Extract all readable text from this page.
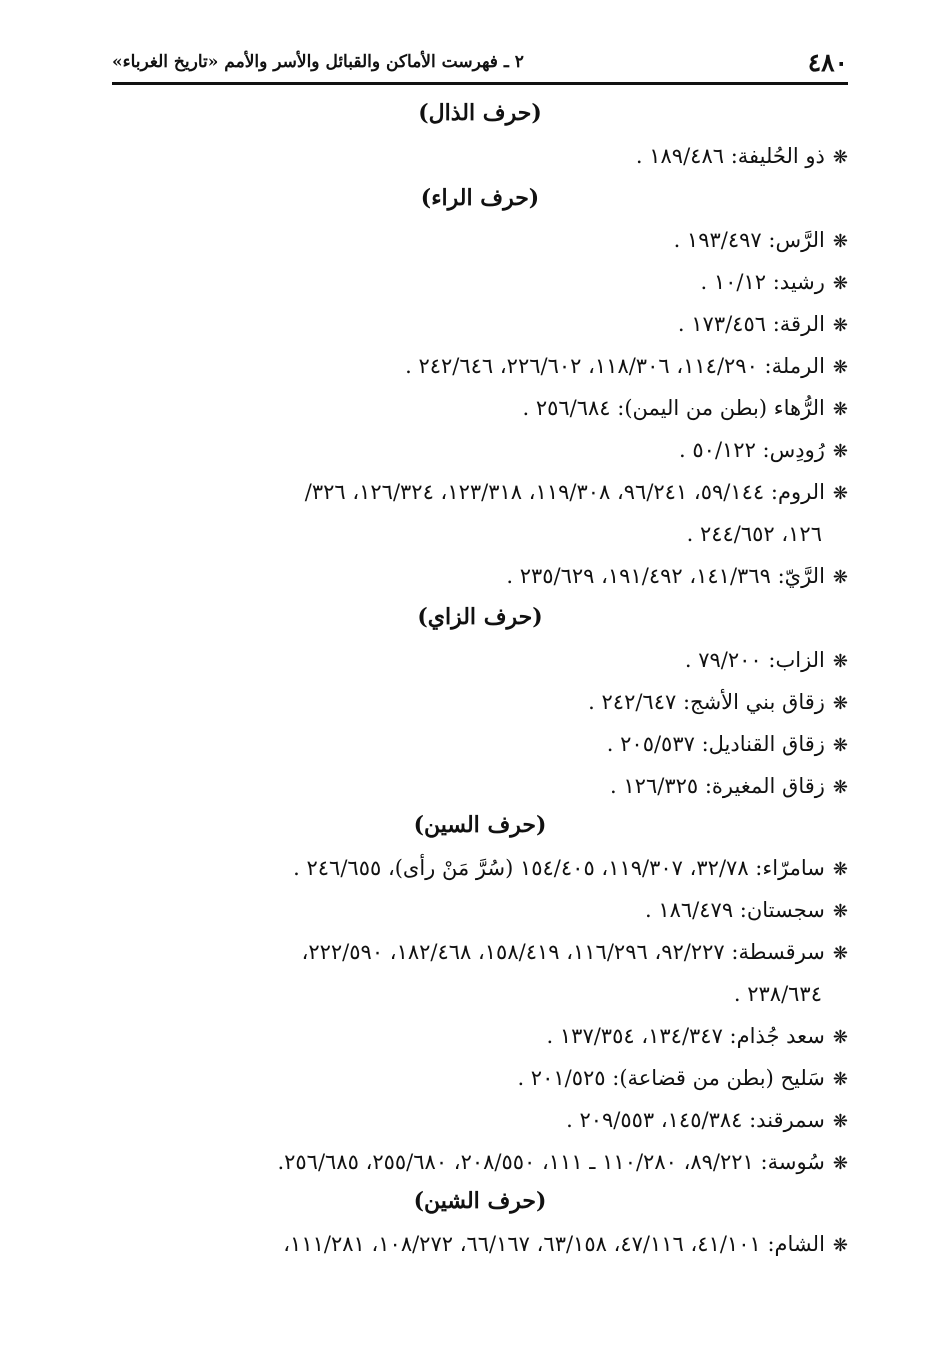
٤٨٠
٢ ـ فهرست الأماكن والقبائل والأسر والأمم «تاريخ الغرباء»
(حرف الذال)
❋ذو الحُليفة: ١٨٩/٤٨٦ .
(حرف الراء)
❋الرَّس: ١٩٣/٤٩٧ .
❋رشيد: ١٠/١٢ .
❋الرقة: ١٧٣/٤٥٦ .
❋الرملة: ١١٤/٢٩٠، ١١٨/٣٠٦، ٢٢٦/٦٠٢، ٢٤٢/٦٤٦ .
❋الرُّهاء (بطن من اليمن): ٢٥٦/٦٨٤ .
❋رُودِس: ٥٠/١٢٢ .
❋الروم: ٥٩/١٤٤، ٩٦/٢٤١، ١١٩/٣٠٨، ١٢٣/٣١٨، ١٢٦/٣٢٤، ٣٢٦/
١٢٦، ٢٤٤/٦٥٢ .
❋الرَّيّ: ١٤١/٣٦٩، ١٩١/٤٩٢، ٢٣٥/٦٢٩ .
(حرف الزاي)
❋الزاب: ٧٩/٢٠٠ .
❋زقاق بني الأشج: ٢٤٢/٦٤٧ .
❋زقاق القناديل: ٢٠٥/٥٣٧ .
❋زقاق المغيرة: ١٢٦/٣٢٥ .
(حرف السين)
❋سامرّاء: ٣٢/٧٨، ١١٩/٣٠٧، ١٥٤/٤٠٥ (سُرَّ مَنْ رأى)، ٢٤٦/٦٥٥ .
❋سجستان: ١٨٦/٤٧٩ .
❋سرقسطة: ٩٢/٢٢٧، ١١٦/٢٩٦، ١٥٨/٤١٩، ١٨٢/٤٦٨، ٢٢٢/٥٩٠،
٢٣٨/٦٣٤ .
❋سعد جُذام: ١٣٤/٣٤٧، ١٣٧/٣٥٤ .
❋سَليح (بطن من قضاعة): ٢٠١/٥٢٥ .
❋سمرقند: ١٤٥/٣٨٤، ٢٠٩/٥٥٣ .
❋سُوسة: ٨٩/٢٢١، ١١٠/٢٨٠ ـ ١١١، ٢٠٨/٥٥٠، ٢٥٥/٦٨٠، ٢٥٦/٦٨٥.
(حرف الشين)
❋الشام: ٤١/١٠١، ٤٧/١١٦، ٦٣/١٥٨، ٦٦/١٦٧، ١٠٨/٢٧٢، ١١١/٢٨١،
